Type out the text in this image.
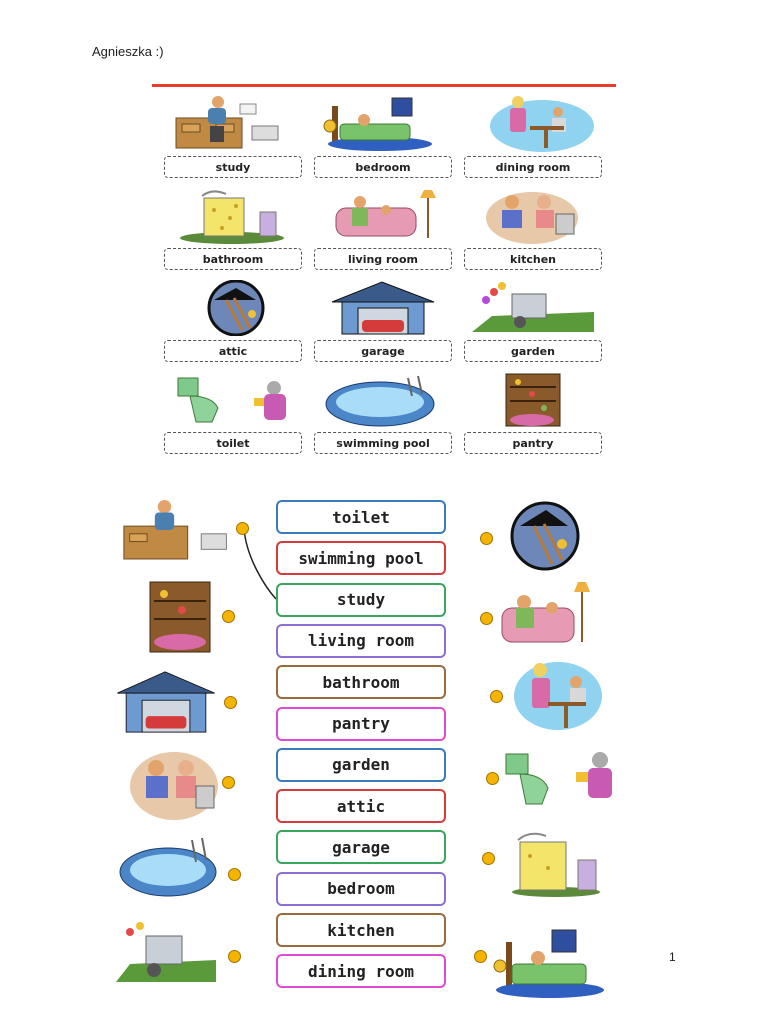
Agnieszka :)
study	bedroom	dining room
bathroom	living room	kitchen
attic	garage	garden
toilet	swimming pool	pantry
toilet
swimming pool
study
living room
bathroom
pantry
garden
attic
garage
bedroom
kitchen
dining room
1
